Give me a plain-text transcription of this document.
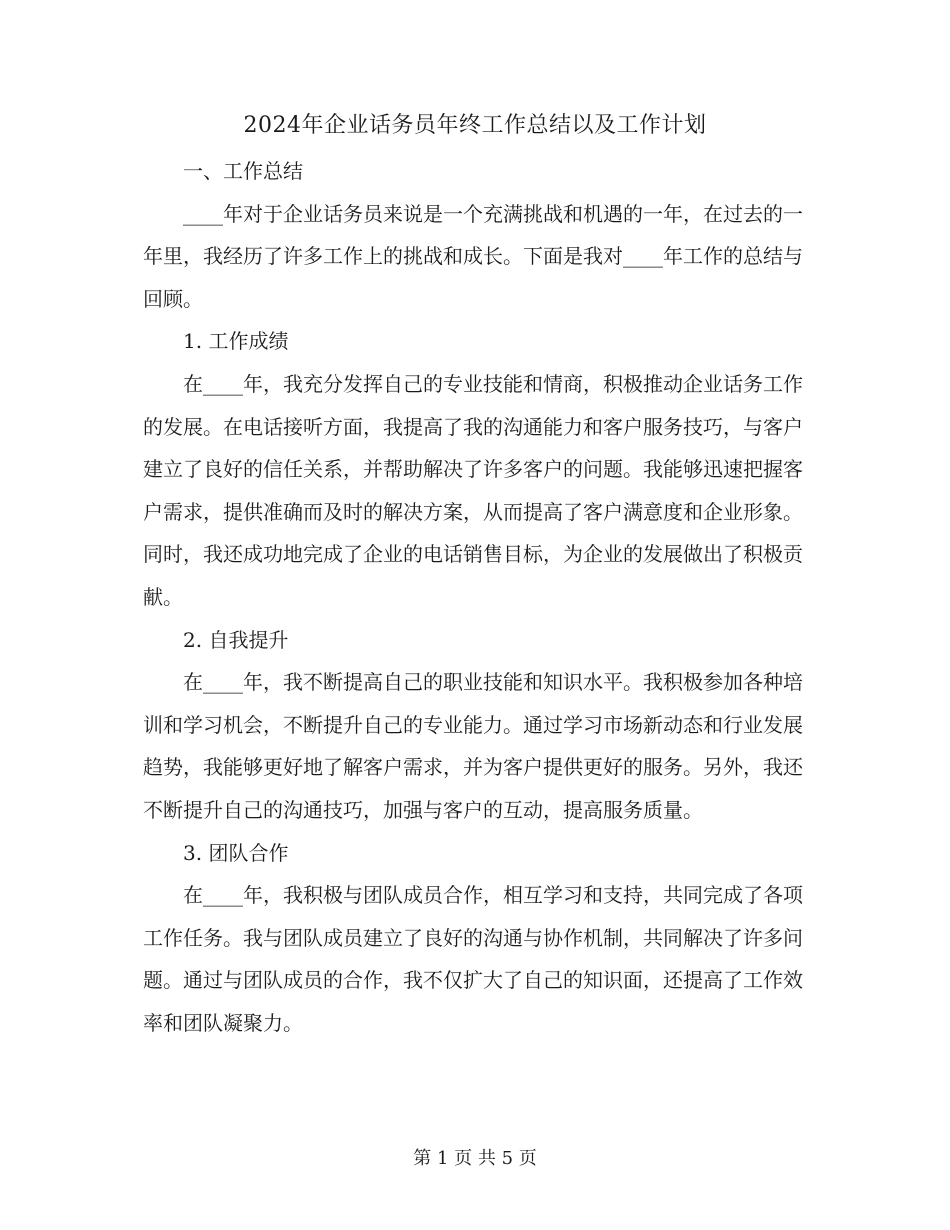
2024年企业话务员年终工作总结以及工作计划

一、工作总结

____年对于企业话务员来说是一个充满挑战和机遇的一年，在过去的一年里，我经历了许多工作上的挑战和成长。下面是我对____年工作的总结与回顾。

1. 工作成绩

在____年，我充分发挥自己的专业技能和情商，积极推动企业话务工作的发展。在电话接听方面，我提高了我的沟通能力和客户服务技巧，与客户建立了良好的信任关系，并帮助解决了许多客户的问题。我能够迅速把握客户需求，提供准确而及时的解决方案，从而提高了客户满意度和企业形象。同时，我还成功地完成了企业的电话销售目标，为企业的发展做出了积极贡献。

2. 自我提升

在____年，我不断提高自己的职业技能和知识水平。我积极参加各种培训和学习机会，不断提升自己的专业能力。通过学习市场新动态和行业发展趋势，我能够更好地了解客户需求，并为客户提供更好的服务。另外，我还不断提升自己的沟通技巧，加强与客户的互动，提高服务质量。

3. 团队合作

在____年，我积极与团队成员合作，相互学习和支持，共同完成了各项工作任务。我与团队成员建立了良好的沟通与协作机制，共同解决了许多问题。通过与团队成员的合作，我不仅扩大了自己的知识面，还提高了工作效率和团队凝聚力。

第 1 页 共 5 页
